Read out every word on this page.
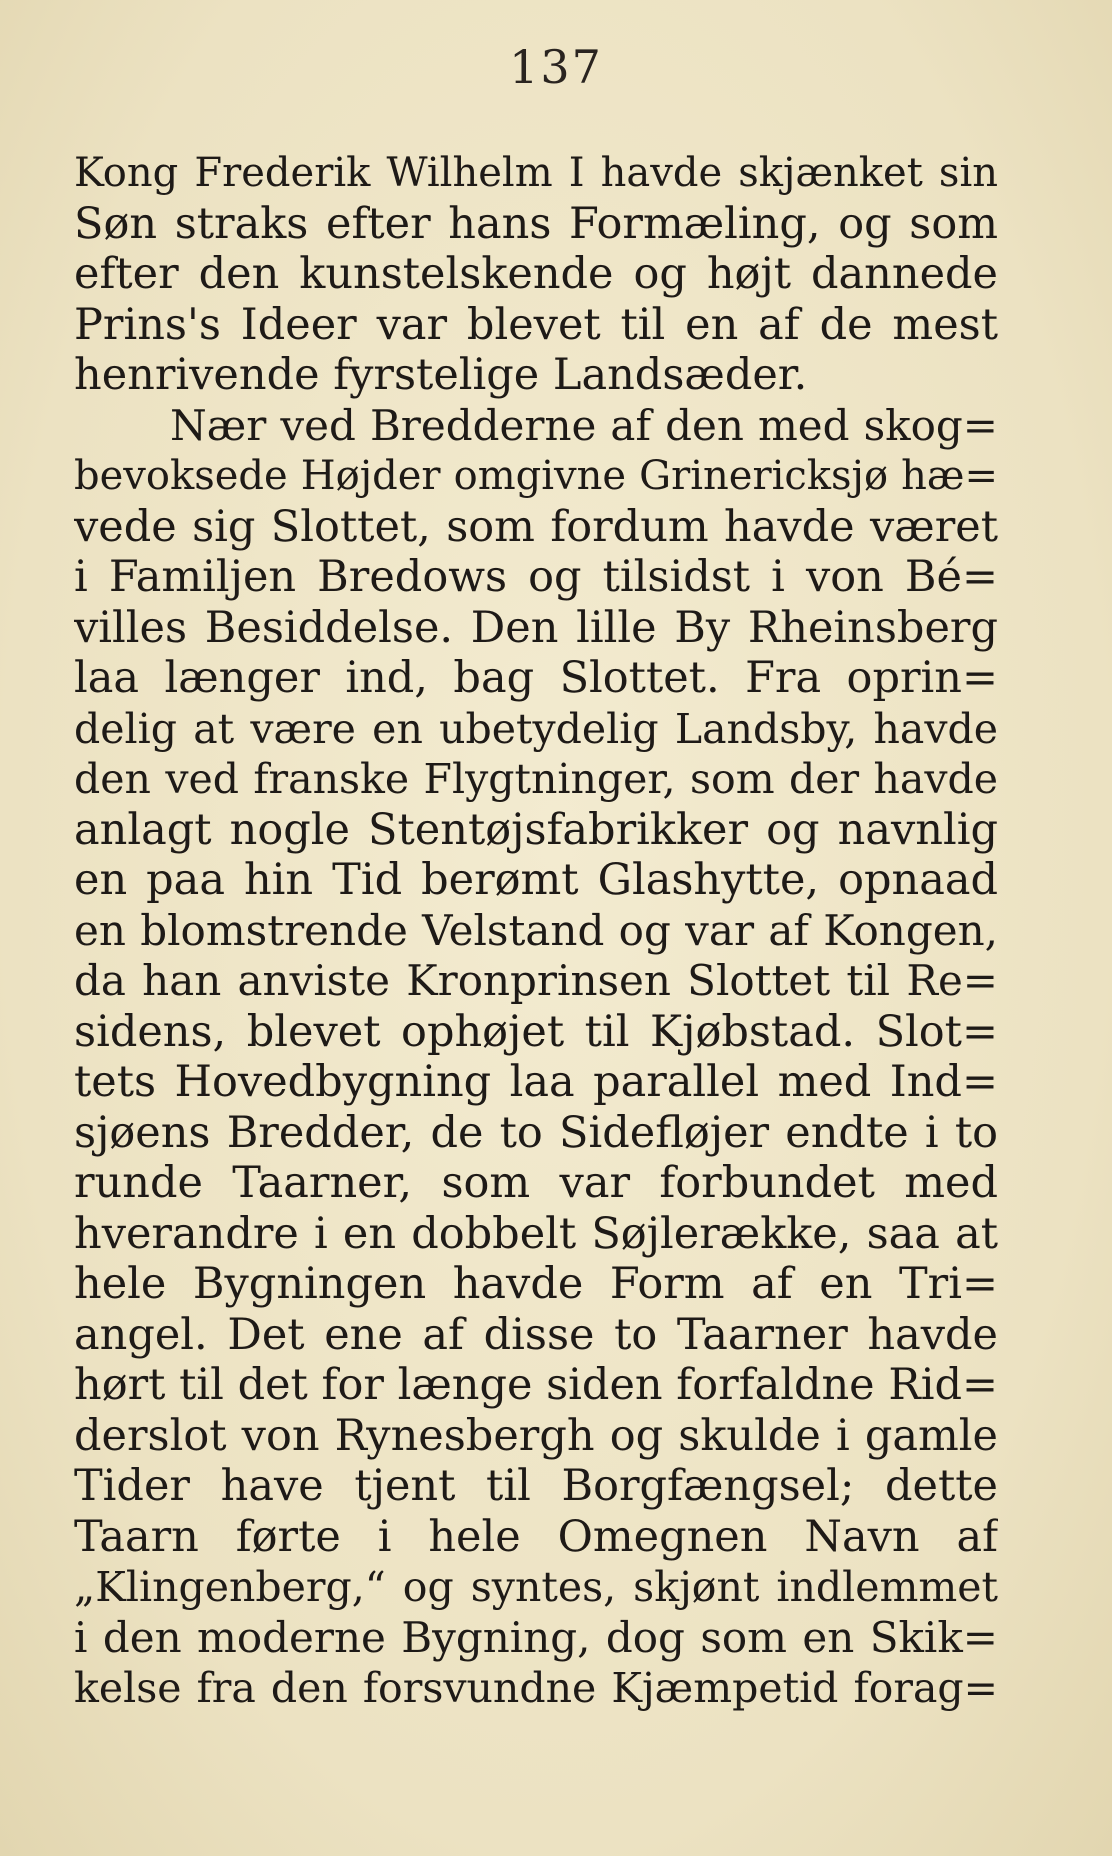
137
Kong Frederik Wilhelm I havde skjænket sin
Søn straks efter hans Formæling, og som
efter den kunstelskende og højt dannede
Prins's Ideer var blevet til en af de mest
henrivende fyrstelige Landsæder.
Nær ved Bredderne af den med skog=
bevoksede Højder omgivne Grinericksjø hæ=
vede sig Slottet, som fordum havde været
i Familjen Bredows og tilsidst i von Bé=
villes Besiddelse. Den lille By Rheinsberg
laa længer ind, bag Slottet. Fra oprin=
delig at være en ubetydelig Landsby, havde
den ved franske Flygtninger, som der havde
anlagt nogle Stentøjsfabrikker og navnlig
en paa hin Tid berømt Glashytte, opnaad
en blomstrende Velstand og var af Kongen,
da han anviste Kronprinsen Slottet til Re=
sidens, blevet ophøjet til Kjøbstad. Slot=
tets Hovedbygning laa parallel med Ind=
sjøens Bredder, de to Sidefløjer endte i to
runde Taarner, som var forbundet med
hverandre i en dobbelt Søjlerække, saa at
hele Bygningen havde Form af en Tri=
angel. Det ene af disse to Taarner havde
hørt til det for længe siden forfaldne Rid=
derslot von Rynesbergh og skulde i gamle
Tider have tjent til Borgfængsel; dette
Taarn førte i hele Omegnen Navn af
„Klingenberg,“ og syntes, skjønt indlemmet
i den moderne Bygning, dog som en Skik=
kelse fra den forsvundne Kjæmpetid forag=
